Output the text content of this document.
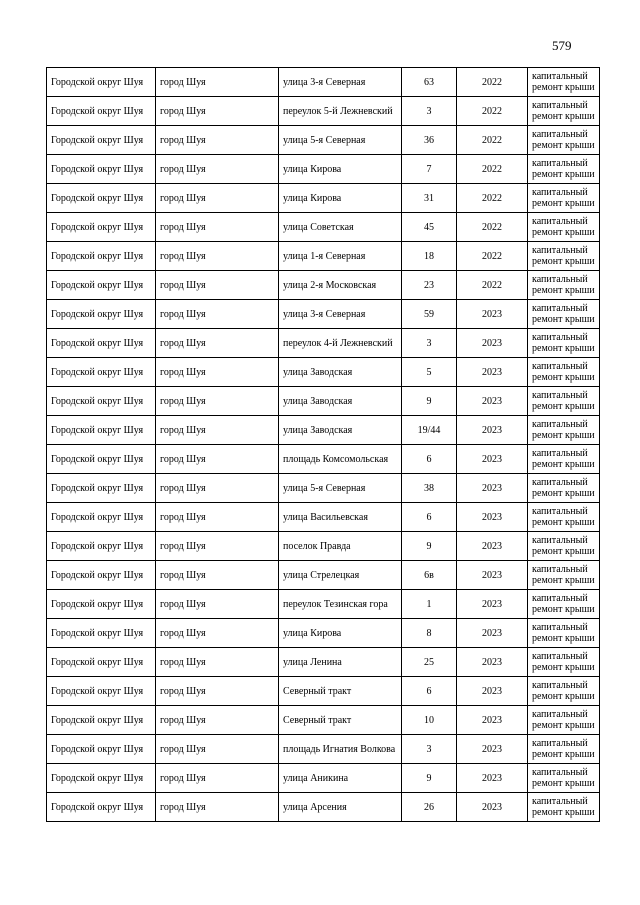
579
Городской округ Шуя	город Шуя	улица 3-я Северная	63	2022	капитальный ремонт крыши
Городской округ Шуя	город Шуя	переулок 5-й Лежневский	3	2022	капитальный ремонт крыши
Городской округ Шуя	город Шуя	улица 5-я Северная	36	2022	капитальный ремонт крыши
Городской округ Шуя	город Шуя	улица Кирова	7	2022	капитальный ремонт крыши
Городской округ Шуя	город Шуя	улица Кирова	31	2022	капитальный ремонт крыши
Городской округ Шуя	город Шуя	улица Советская	45	2022	капитальный ремонт крыши
Городской округ Шуя	город Шуя	улица 1-я Северная	18	2022	капитальный ремонт крыши
Городской округ Шуя	город Шуя	улица 2-я Московская	23	2022	капитальный ремонт крыши
Городской округ Шуя	город Шуя	улица 3-я Северная	59	2023	капитальный ремонт крыши
Городской округ Шуя	город Шуя	переулок 4-й Лежневский	3	2023	капитальный ремонт крыши
Городской округ Шуя	город Шуя	улица Заводская	5	2023	капитальный ремонт крыши
Городской округ Шуя	город Шуя	улица Заводская	9	2023	капитальный ремонт крыши
Городской округ Шуя	город Шуя	улица Заводская	19/44	2023	капитальный ремонт крыши
Городской округ Шуя	город Шуя	площадь Комсомольская	6	2023	капитальный ремонт крыши
Городской округ Шуя	город Шуя	улица 5-я Северная	38	2023	капитальный ремонт крыши
Городской округ Шуя	город Шуя	улица Васильевская	6	2023	капитальный ремонт крыши
Городской округ Шуя	город Шуя	поселок Правда	9	2023	капитальный ремонт крыши
Городской округ Шуя	город Шуя	улица Стрелецкая	6в	2023	капитальный ремонт крыши
Городской округ Шуя	город Шуя	переулок Тезинская гора	1	2023	капитальный ремонт крыши
Городской округ Шуя	город Шуя	улица Кирова	8	2023	капитальный ремонт крыши
Городской округ Шуя	город Шуя	улица Ленина	25	2023	капитальный ремонт крыши
Городской округ Шуя	город Шуя	Северный тракт	6	2023	капитальный ремонт крыши
Городской округ Шуя	город Шуя	Северный тракт	10	2023	капитальный ремонт крыши
Городской округ Шуя	город Шуя	площадь Игнатия Волкова	3	2023	капитальный ремонт крыши
Городской округ Шуя	город Шуя	улица Аникина	9	2023	капитальный ремонт крыши
Городской округ Шуя	город Шуя	улица Арсения	26	2023	капитальный ремонт крыши
